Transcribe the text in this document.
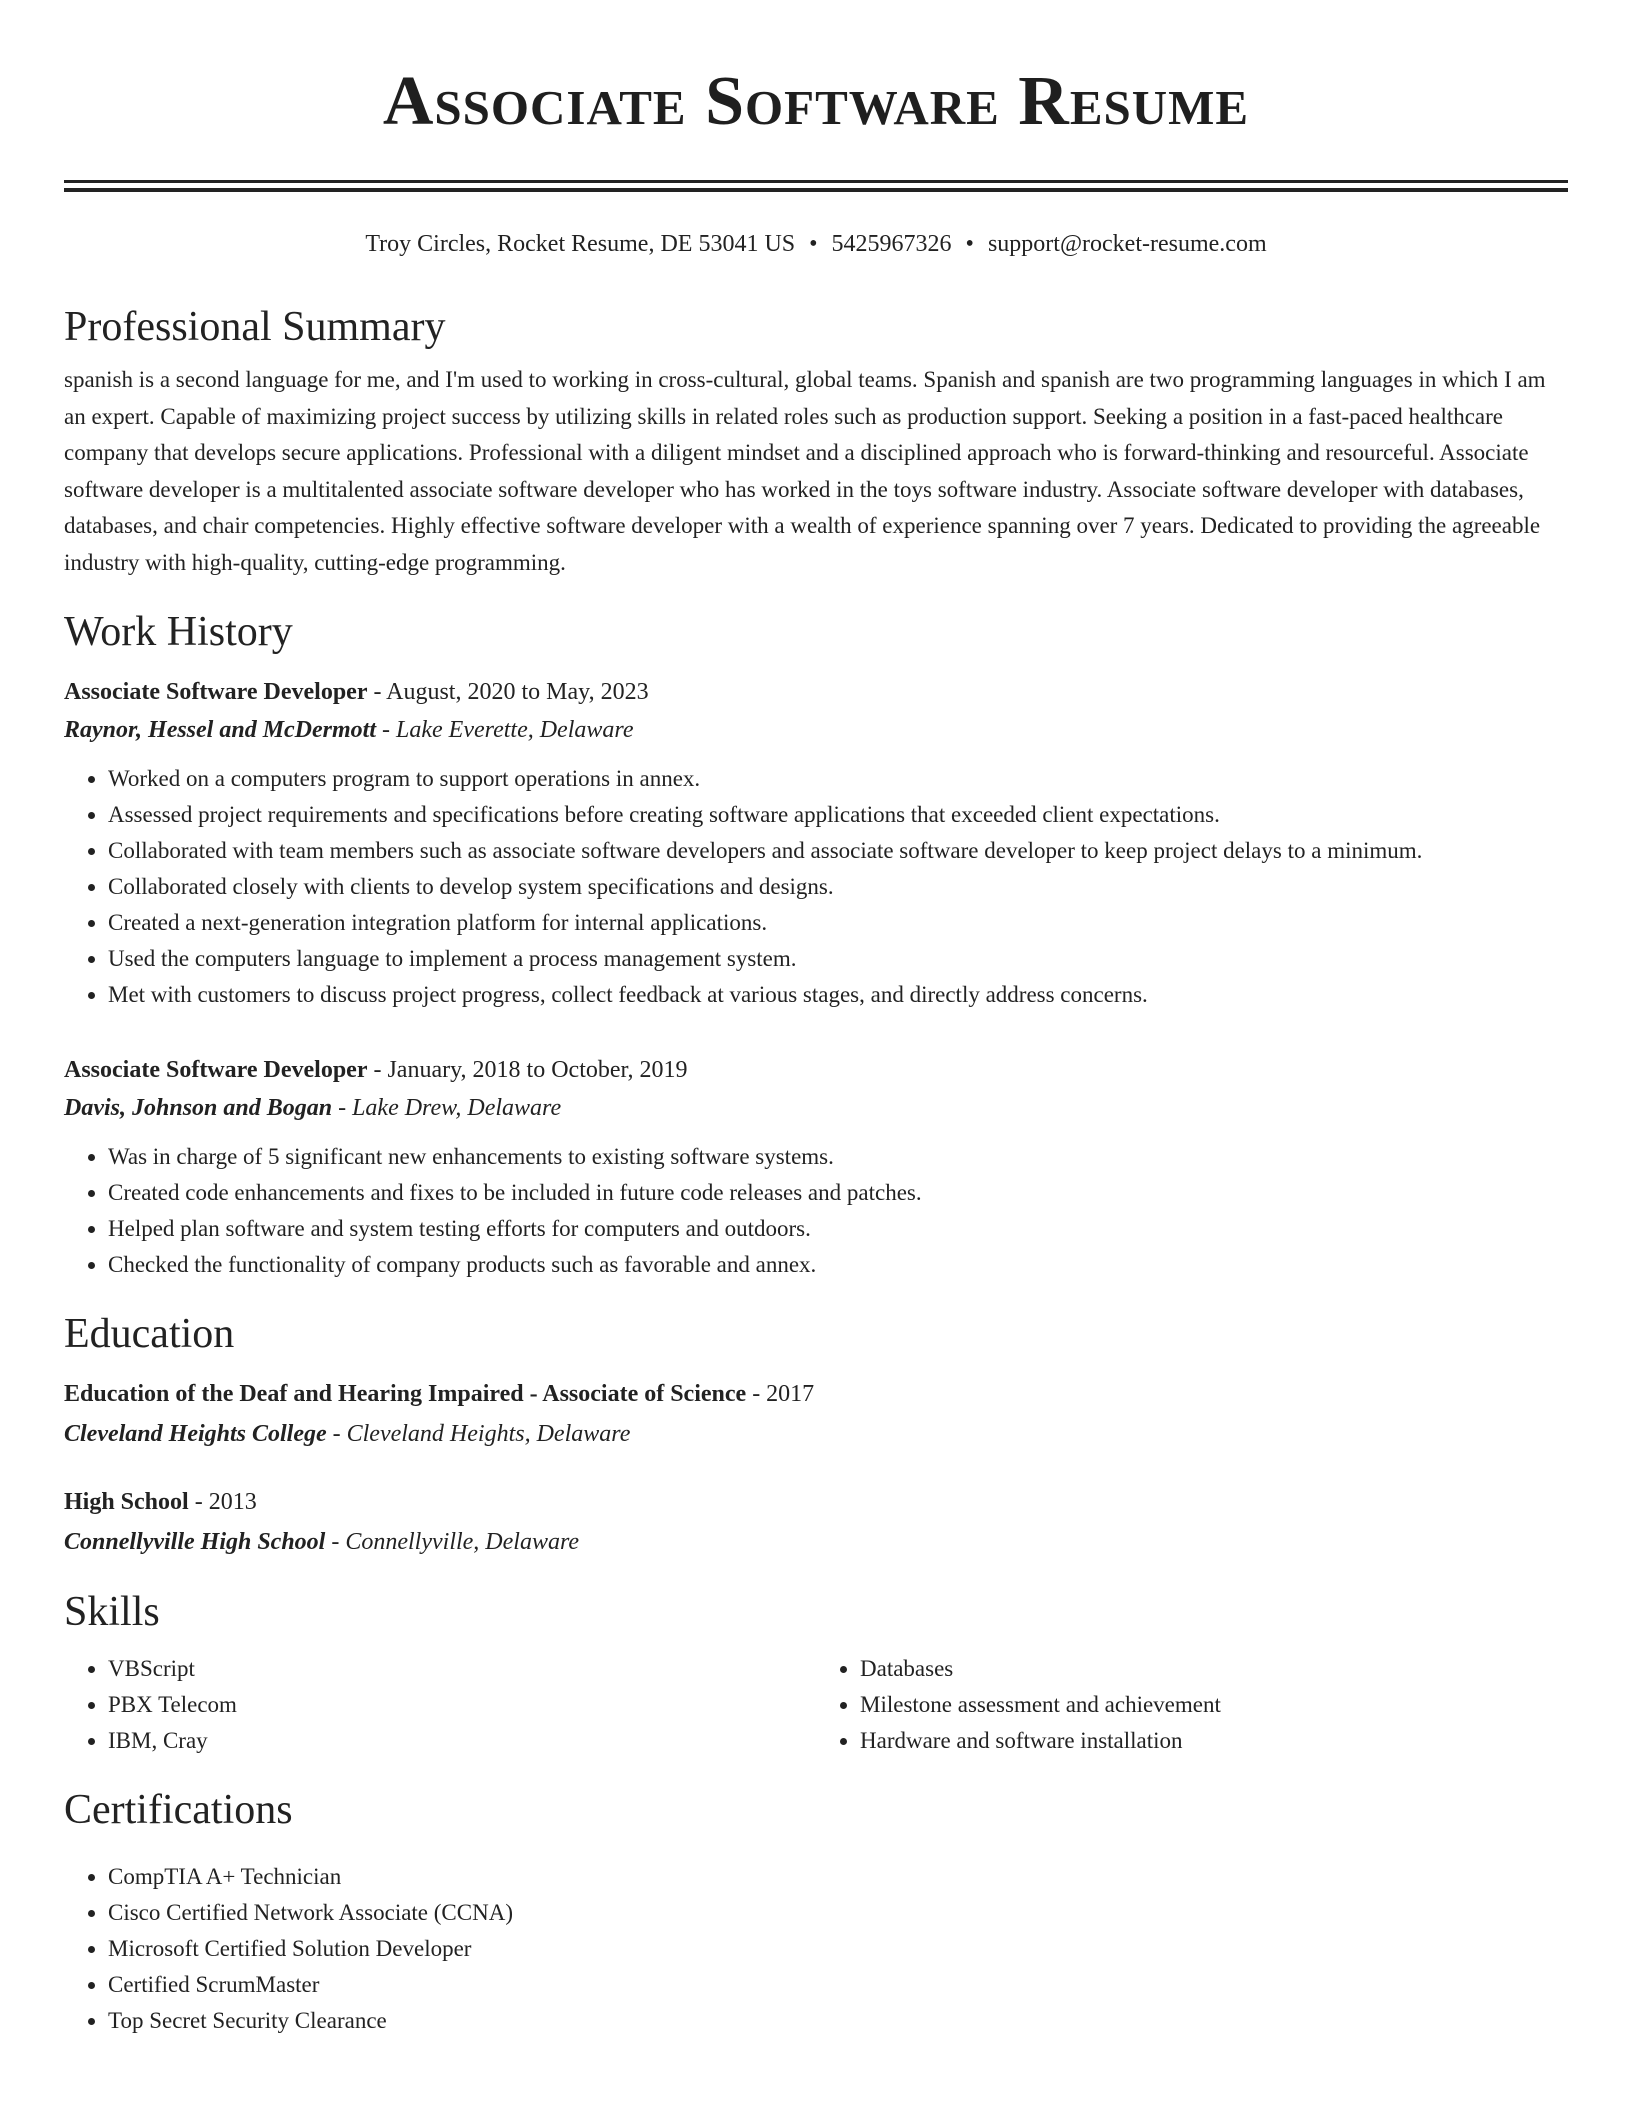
Associate Software Resume
Troy Circles, Rocket Resume, DE 53041 US • 5425967326 • support@rocket-resume.com
Professional Summary

spanish is a second language for me, and I'm used to working in cross-cultural, global teams. Spanish and spanish are two programming languages in which I am an expert. Capable of maximizing project success by utilizing skills in related roles such as production support. Seeking a position in a fast-paced healthcare company that develops secure applications. Professional with a diligent mindset and a disciplined approach who is forward-thinking and resourceful. Associate software developer is a multitalented associate software developer who has worked in the toys software industry. Associate software developer with databases, databases, and chair competencies. Highly effective software developer with a wealth of experience spanning over 7 years. Dedicated to providing the agreeable industry with high-quality, cutting-edge programming.

Work History
Associate Software Developer - August, 2020 to May, 2023
Raynor, Hessel and McDermott - Lake Everette, Delaware
• Worked on a computers program to support operations in annex.
• Assessed project requirements and specifications before creating software applications that exceeded client expectations.
• Collaborated with team members such as associate software developers and associate software developer to keep project delays to a minimum.
• Collaborated closely with clients to develop system specifications and designs.
• Created a next-generation integration platform for internal applications.
• Used the computers language to implement a process management system.
• Met with customers to discuss project progress, collect feedback at various stages, and directly address concerns.
Associate Software Developer - January, 2018 to October, 2019
Davis, Johnson and Bogan - Lake Drew, Delaware
• Was in charge of 5 significant new enhancements to existing software systems.
• Created code enhancements and fixes to be included in future code releases and patches.
• Helped plan software and system testing efforts for computers and outdoors.
• Checked the functionality of company products such as favorable and annex.
Education
Education of the Deaf and Hearing Impaired - Associate of Science - 2017
Cleveland Heights College - Cleveland Heights, Delaware
High School - 2013
Connellyville High School - Connellyville, Delaware
Skills
• VBScript
• PBX Telecom
• IBM, Cray
• Databases
• Milestone assessment and achievement
• Hardware and software installation
Certifications
• CompTIA A+ Technician
• Cisco Certified Network Associate (CCNA)
• Microsoft Certified Solution Developer
• Certified ScrumMaster
• Top Secret Security Clearance
